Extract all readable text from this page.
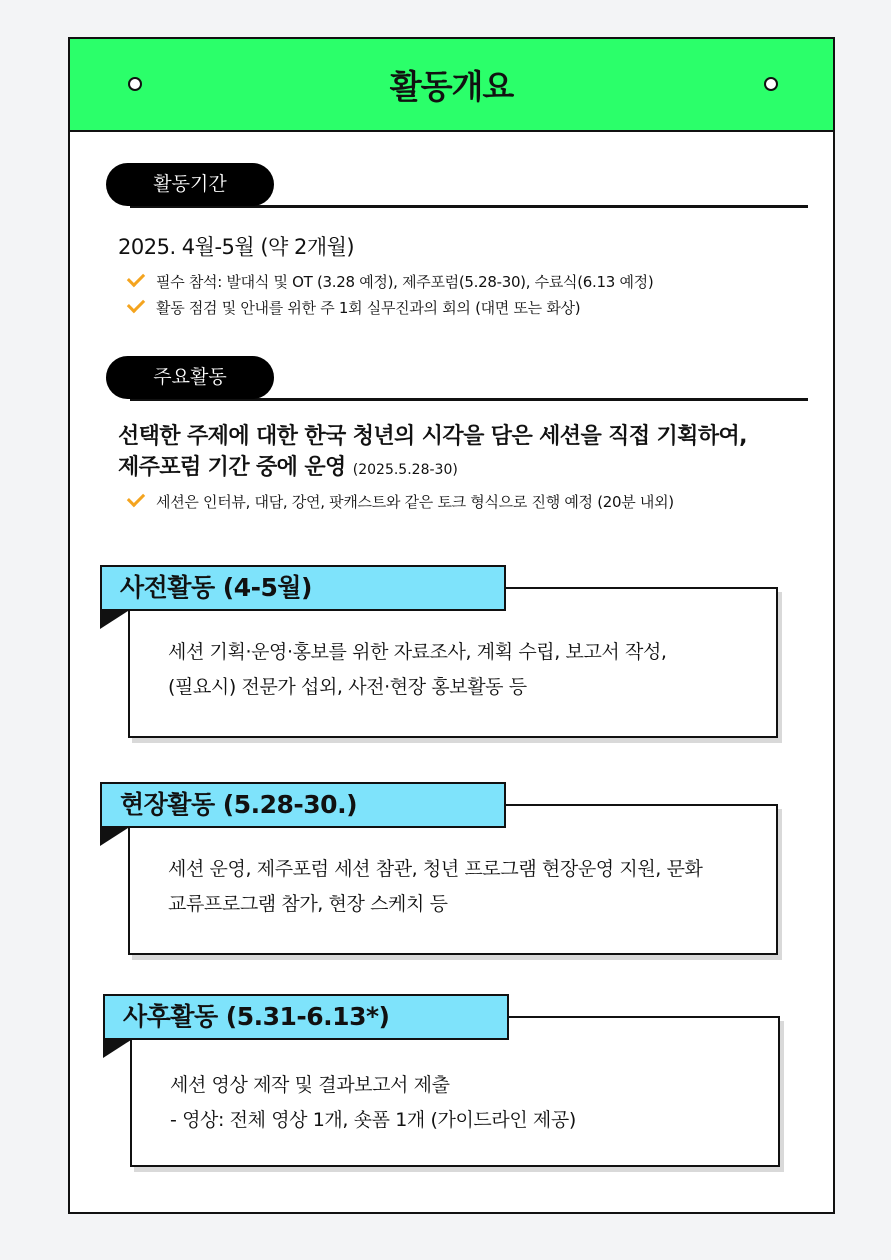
활동개요
활동기간
2025. 4월-5월 (약 2개월)
필수 참석: 발대식 및 OT (3.28 예정), 제주포럼(5.28-30), 수료식(6.13 예정)
활동 점검 및 안내를 위한 주 1회 실무진과의 회의 (대면 또는 화상)
주요활동
선택한 주제에 대한 한국 청년의 시각을 담은 세션을 직접 기획하여,
제주포럼 기간 중에 운영 (2025.5.28-30)
세션은 인터뷰, 대담, 강연, 팟캐스트와 같은 토크 형식으로 진행 예정 (20분 내외)
세션 기획·운영·홍보를 위한 자료조사, 계획 수립, 보고서 작성,
(필요시) 전문가 섭외, 사전·현장 홍보활동 등
사전활동 (4-5월)
세션 운영, 제주포럼 세션 참관, 청년 프로그램 현장운영 지원, 문화
교류프로그램 참가, 현장 스케치 등
현장활동 (5.28-30.)
세션 영상 제작 및 결과보고서 제출
- 영상: 전체 영상 1개, 숏폼 1개 (가이드라인 제공)
사후활동 (5.31-6.13*)
